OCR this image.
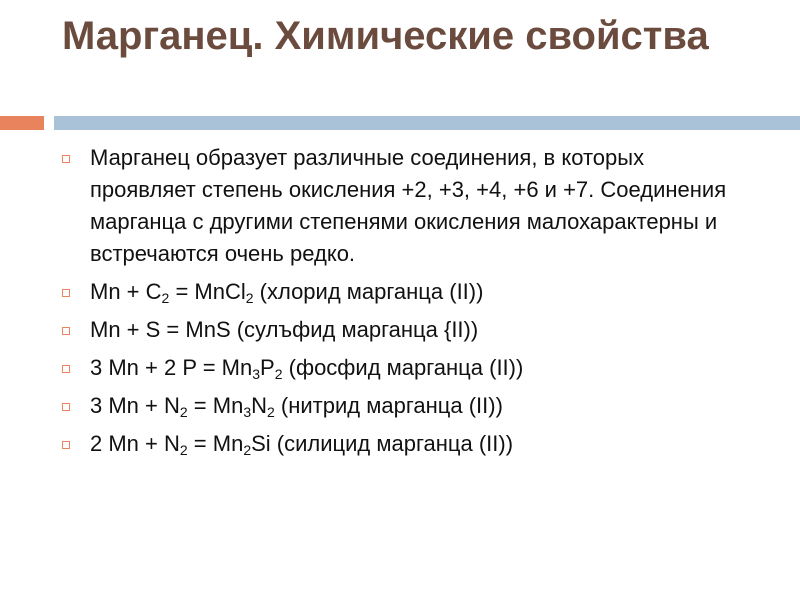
Марганец. Химические свойства
Марганец образует различные соединения, в которых проявляет степень окисления +2, +3, +4, +6 и +7. Соединения марганца с другими степенями окисления малохарактерны и встречаются очень редко.
$Mn + C_2$ = MnCl$_2$ (хлорид марганца (II))
Mn + S = MnS (сулъфид марганца {II))
3 Mn + 2 $P = Mn_3P_2$ (фосфид марганца (II))
3 $Mn + N_2 = Mn_3N_2$ (нитрид марганца (II))
2 $Mn + N_2 = Mn_2Si$ (силицид марганца (II))
